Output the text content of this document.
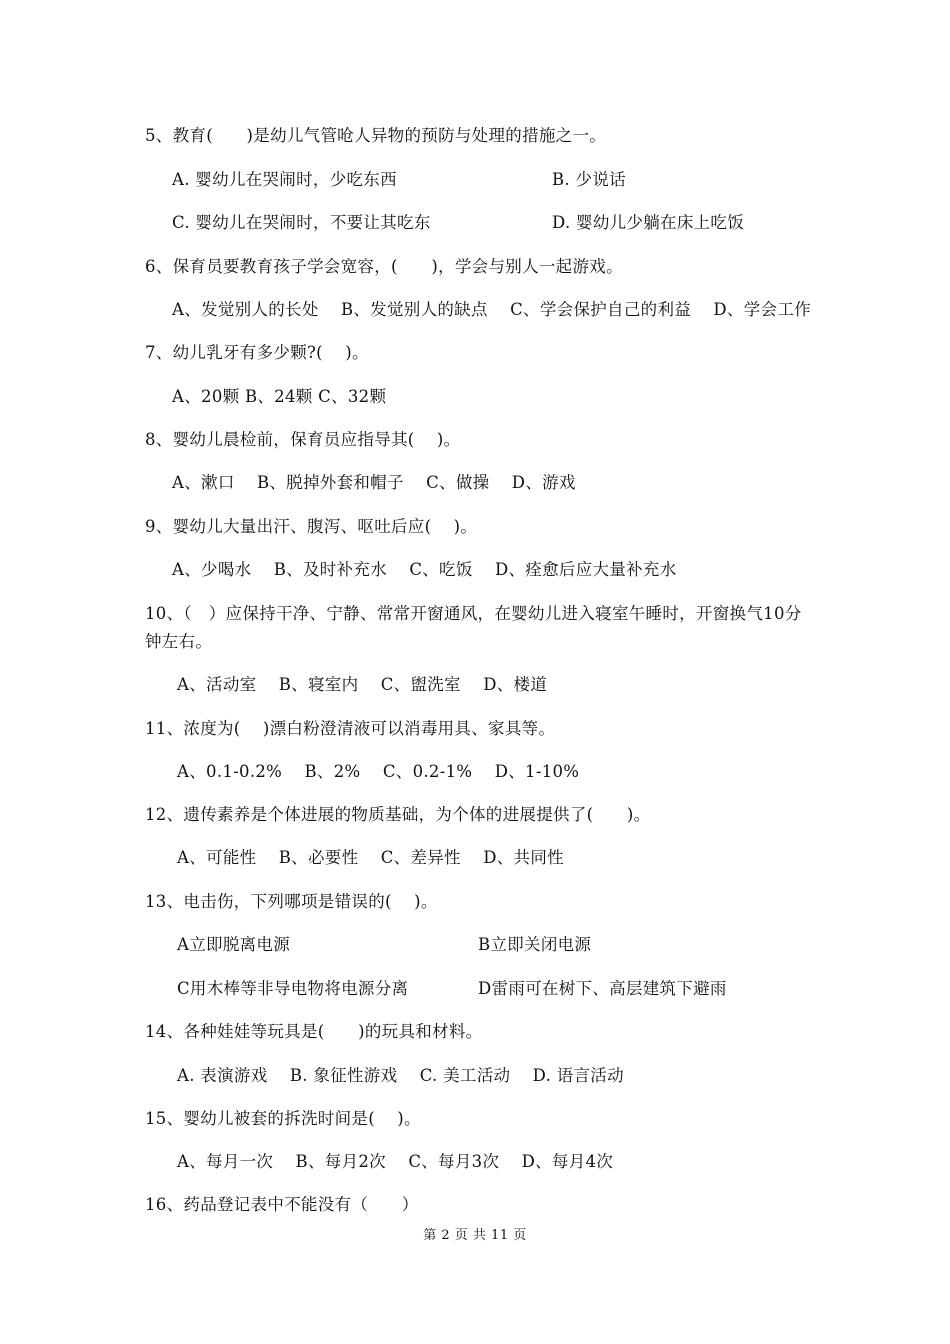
5、教育(　　)是幼儿气管呛人异物的预防与处理的措施之一。
A. 婴幼儿在哭闹时，少吃东西	B. 少说话
C. 婴幼儿在哭闹时，不要让其吃东	D. 婴幼儿少躺在床上吃饭
6、保育员要教育孩子学会宽容，(　　)，学会与别人一起游戏。
A、发觉别人的长处　 B、发觉别人的缺点　 C、学会保护自己的利益　 D、学会工作
7、幼儿乳牙有多少颗?(　 )。
A、20颗 B、24颗 C、32颗
8、婴幼儿晨检前，保育员应指导其(　 )。
A、漱口　 B、脱掉外套和帽子　 C、做操　 D、游戏
9、婴幼儿大量出汗、腹泻、呕吐后应(　 )。
A、少喝水　 B、及时补充水　 C、吃饭　 D、痊愈后应大量补充水
10、（　）应保持干净、宁静、常常开窗通风，在婴幼儿进入寝室午睡时，开窗换气10分
钟左右。
A、活动室　 B、寝室内　 C、盥洗室　 D、楼道
11、浓度为(　 )漂白粉澄清液可以消毒用具、家具等。
A、0.1-0.2%　 B、2%　 C、0.2-1%　 D、1-10%
12、遗传素养是个体进展的物质基础，为个体的进展提供了(　　)。
A、可能性　 B、必要性　 C、差异性　 D、共同性
13、电击伤，下列哪项是错误的(　 )。
A立即脱离电源	B立即关闭电源
C用木棒等非导电物将电源分离	D雷雨可在树下、高层建筑下避雨
14、各种娃娃等玩具是(　　)的玩具和材料。
A. 表演游戏　 B. 象征性游戏　 C. 美工活动　 D. 语言活动
15、婴幼儿被套的拆洗时间是(　 )。
A、每月一次　 B、每月2次　 C、每月3次　 D、每月4次
16、药品登记表中不能没有（　　）
第 2 页 共 11 页
